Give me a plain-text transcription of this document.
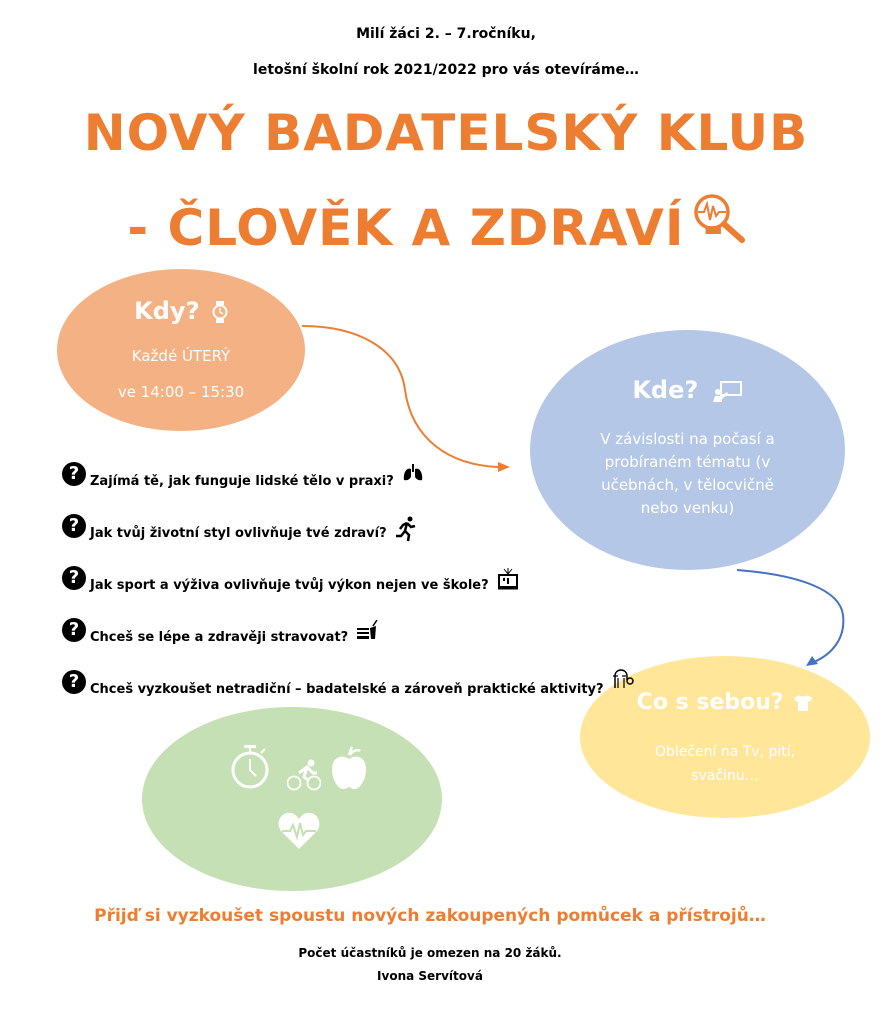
Milí žáci 2. – 7.ročníku,
letošní školní rok 2021/2022 pro vás otevíráme…
NOVÝ BADATELSKÝ KLUB
- ČLOVĚK A ZDRAVÍ -
Kdy?
Každé ÚTERÝ
ve 14:00 – 15:30	Kde?
V závislosti na počasí a
probíraném tématu (v
učebnách, v tělocvičně
nebo venku)
Co s sebou?
Oblečení na Tv, pití,
svačinu…
? Zajímá tě, jak funguje lidské tělo v praxi?
? Jak tvůj životní styl ovlivňuje tvé zdraví?
? Jak sport a výživa ovlivňuje tvůj výkon nejen ve škole?
? Chceš se lépe a zdravěji stravovat?
? Chceš vyzkoušet netradiční – badatelské a zároveň praktické aktivity?
Přijď si vyzkoušet spoustu nových zakoupených pomůcek a přístrojů…
Počet účastníků je omezen na 20 žáků.
Ivona Servítová
